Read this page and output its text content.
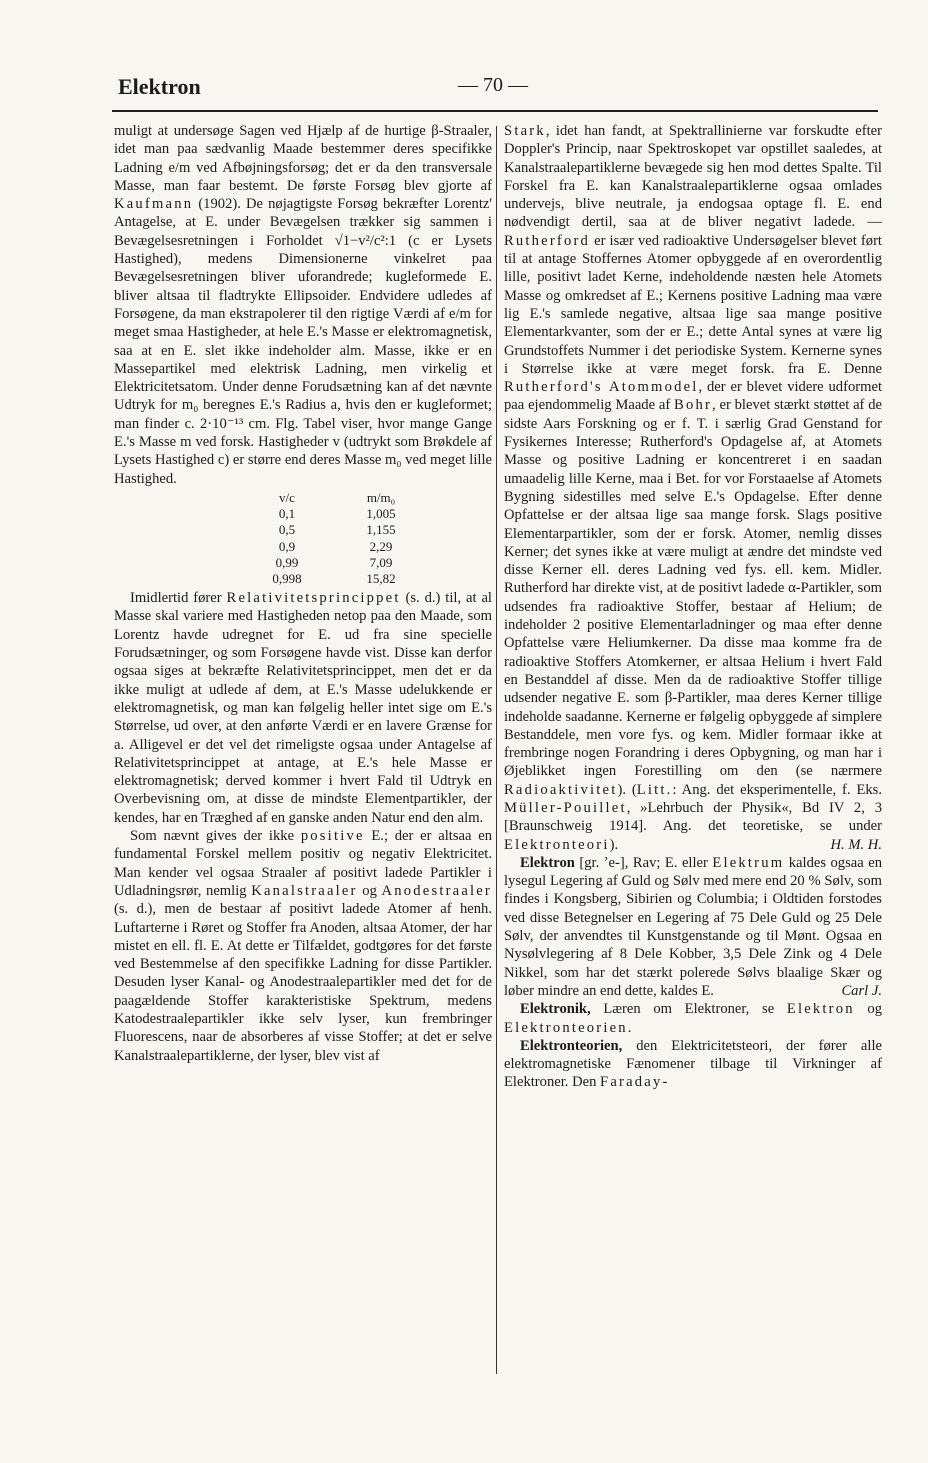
Elektron	— 70 —

muligt at undersøge Sagen ved Hjælp af de hurtige β-Straaler, idet man paa sædvanlig Maade bestemmer deres specifikke Ladning e/m ved Afbøjningsforsøg; det er da den transversale Masse, man faar bestemt. De første Forsøg blev gjorte af Kaufmann (1902). De nøjagtigste Forsøg bekræfter Lorentz' Antagelse, at E. under Bevægelsen trækker sig sammen i Bevægelsesretningen i Forholdet √1−v²/c²:1 (c er Lysets Hastighed), medens Dimensionerne vinkelret paa Bevægelsesretningen bliver uforandrede; kugleformede E. bliver altsaa til fladtrykte Ellipsoider. Endvidere udledes af Forsøgene, da man ekstrapolerer til den rigtige Værdi af e/m for meget smaa Hastigheder, at hele E.'s Masse er elektromagnetisk, saa at en E. slet ikke indeholder alm. Masse, ikke er en Massepartikel med elektrisk Ladning, men virkelig et Elektricitetsatom. Under denne Forudsætning kan af det nævnte Udtryk for m₀ beregnes E.'s Radius a, hvis den er kugleformet; man finder c. 2·10⁻¹³ cm. Flg. Tabel viser, hvor mange Gange E.'s Masse m ved forsk. Hastigheder v (udtrykt som Brøkdele af Lysets Hastighed c) er større end deres Masse m₀ ved meget lille Hastighed.

v/c	m/m₀
0,1	1,005
0,5	1,155
0,9	2,29
0,99	7,09
0,998	15,82

Imidlertid fører Relativitetsprincippet (s. d.) til, at al Masse skal variere med Hastigheden netop paa den Maade, som Lorentz havde udregnet for E. ud fra sine specielle Forudsætninger, og som Forsøgene havde vist. Disse kan derfor ogsaa siges at bekræfte Relativitetsprincippet, men det er da ikke muligt at udlede af dem, at E.'s Masse udelukkende er elektromagnetisk, og man kan følgelig heller intet sige om E.'s Størrelse, ud over, at den anførte Værdi er en lavere Grænse for a. Alligevel er det vel det rimeligste ogsaa under Antagelse af Relativitetsprincippet at antage, at E.'s hele Masse er elektromagnetisk; derved kommer i hvert Fald til Udtryk en Overbevisning om, at disse de mindste Elementpartikler, der kendes, har en Træghed af en ganske anden Natur end den alm.

Som nævnt gives der ikke positive E.; der er altsaa en fundamental Forskel mellem positiv og negativ Elektricitet. Man kender vel ogsaa Straaler af positivt ladede Partikler i Udladningsrør, nemlig Kanalstraaler og Anodestraaler (s. d.), men de bestaar af positivt ladede Atomer af henh. Luftarterne i Røret og Stoffer fra Anoden, altsaa Atomer, der har mistet en ell. fl. E. At dette er Tilfældet, godtgøres for det første ved Bestemmelse af den specifikke Ladning for disse Partikler. Desuden lyser Kanal- og Anodestraalepartikler med det for de paagældende Stoffer karakteristiske Spektrum, medens Katodestraalepartikler ikke selv lyser, kun frembringer Fluorescens, naar de absorberes af visse Stoffer; at det er selve Kanalstraalepartiklerne, der lyser, blev vist af

Stark, idet han fandt, at Spektrallinierne var forskudte efter Doppler's Princip, naar Spektroskopet var opstillet saaledes, at Kanalstraalepartiklerne bevægede sig hen mod dettes Spalte. Til Forskel fra E. kan Kanalstraalepartiklerne ogsaa omlades undervejs, blive neutrale, ja endogsaa optage fl. E. end nødvendigt dertil, saa at de bliver negativt ladede. — Rutherford er især ved radioaktive Undersøgelser blevet ført til at antage Stoffernes Atomer opbyggede af en overordentlig lille, positivt ladet Kerne, indeholdende næsten hele Atomets Masse og omkredset af E.; Kernens positive Ladning maa være lig E.'s samlede negative, altsaa lige saa mange positive Elementarkvanter, som der er E.; dette Antal synes at være lig Grundstoffets Nummer i det periodiske System. Kernerne synes i Størrelse ikke at være meget forsk. fra E. Denne Rutherford's Atommodel, der er blevet videre udformet paa ejendommelig Maade af Bohr, er blevet stærkt støttet af de sidste Aars Forskning og er f. T. i særlig Grad Genstand for Fysikernes Interesse; Rutherford's Opdagelse af, at Atomets Masse og positive Ladning er koncentreret i en saadan umaadelig lille Kerne, maa i Bet. for vor Forstaaelse af Atomets Bygning sidestilles med selve E.'s Opdagelse. Efter denne Opfattelse er der altsaa lige saa mange forsk. Slags positive Elementarpartikler, som der er forsk. Atomer, nemlig disses Kerner; det synes ikke at være muligt at ændre det mindste ved disse Kerner ell. deres Ladning ved fys. ell. kem. Midler. Rutherford har direkte vist, at de positivt ladede α-Partikler, som udsendes fra radioaktive Stoffer, bestaar af Helium; de indeholder 2 positive Elementarladninger og maa efter denne Opfattelse være Heliumkerner. Da disse maa komme fra de radioaktive Stoffers Atomkerner, er altsaa Helium i hvert Fald en Bestanddel af disse. Men da de radioaktive Stoffer tillige udsender negative E. som β-Partikler, maa deres Kerner tillige indeholde saadanne. Kernerne er følgelig opbyggede af simplere Bestanddele, men vore fys. og kem. Midler formaar ikke at frembringe nogen Forandring i deres Opbygning, og man har i Øjeblikket ingen Forestilling om den (se nærmere Radioaktivitet). (Litt.: Ang. det eksperimentelle, f. Eks. Müller-Pouillet, »Lehrbuch der Physik«, Bd IV 2, 3 [Braunschweig 1914]. Ang. det teoretiske, se under Elektronteori).	H. M. H.

Elektron [gr. ʼe-], Rav; E. eller Elektrum kaldes ogsaa en lysegul Legering af Guld og Sølv med mere end 20 % Sølv, som findes i Kongsberg, Sibirien og Columbia; i Oldtiden forstodes ved disse Betegnelser en Legering af 75 Dele Guld og 25 Dele Sølv, der anvendtes til Kunstgenstande og til Mønt. Ogsaa en Nysølvlegering af 8 Dele Kobber, 3,5 Dele Zink og 4 Dele Nikkel, som har det stærkt polerede Sølvs blaalige Skær og løber mindre an end dette, kaldes E.	Carl J.

Elektronik, Læren om Elektroner, se Elektron og Elektronteorien.

Elektronteorien, den Elektricitetsteori, der fører alle elektromagnetiske Fænomener tilbage til Virkninger af Elektroner. Den Faraday-
